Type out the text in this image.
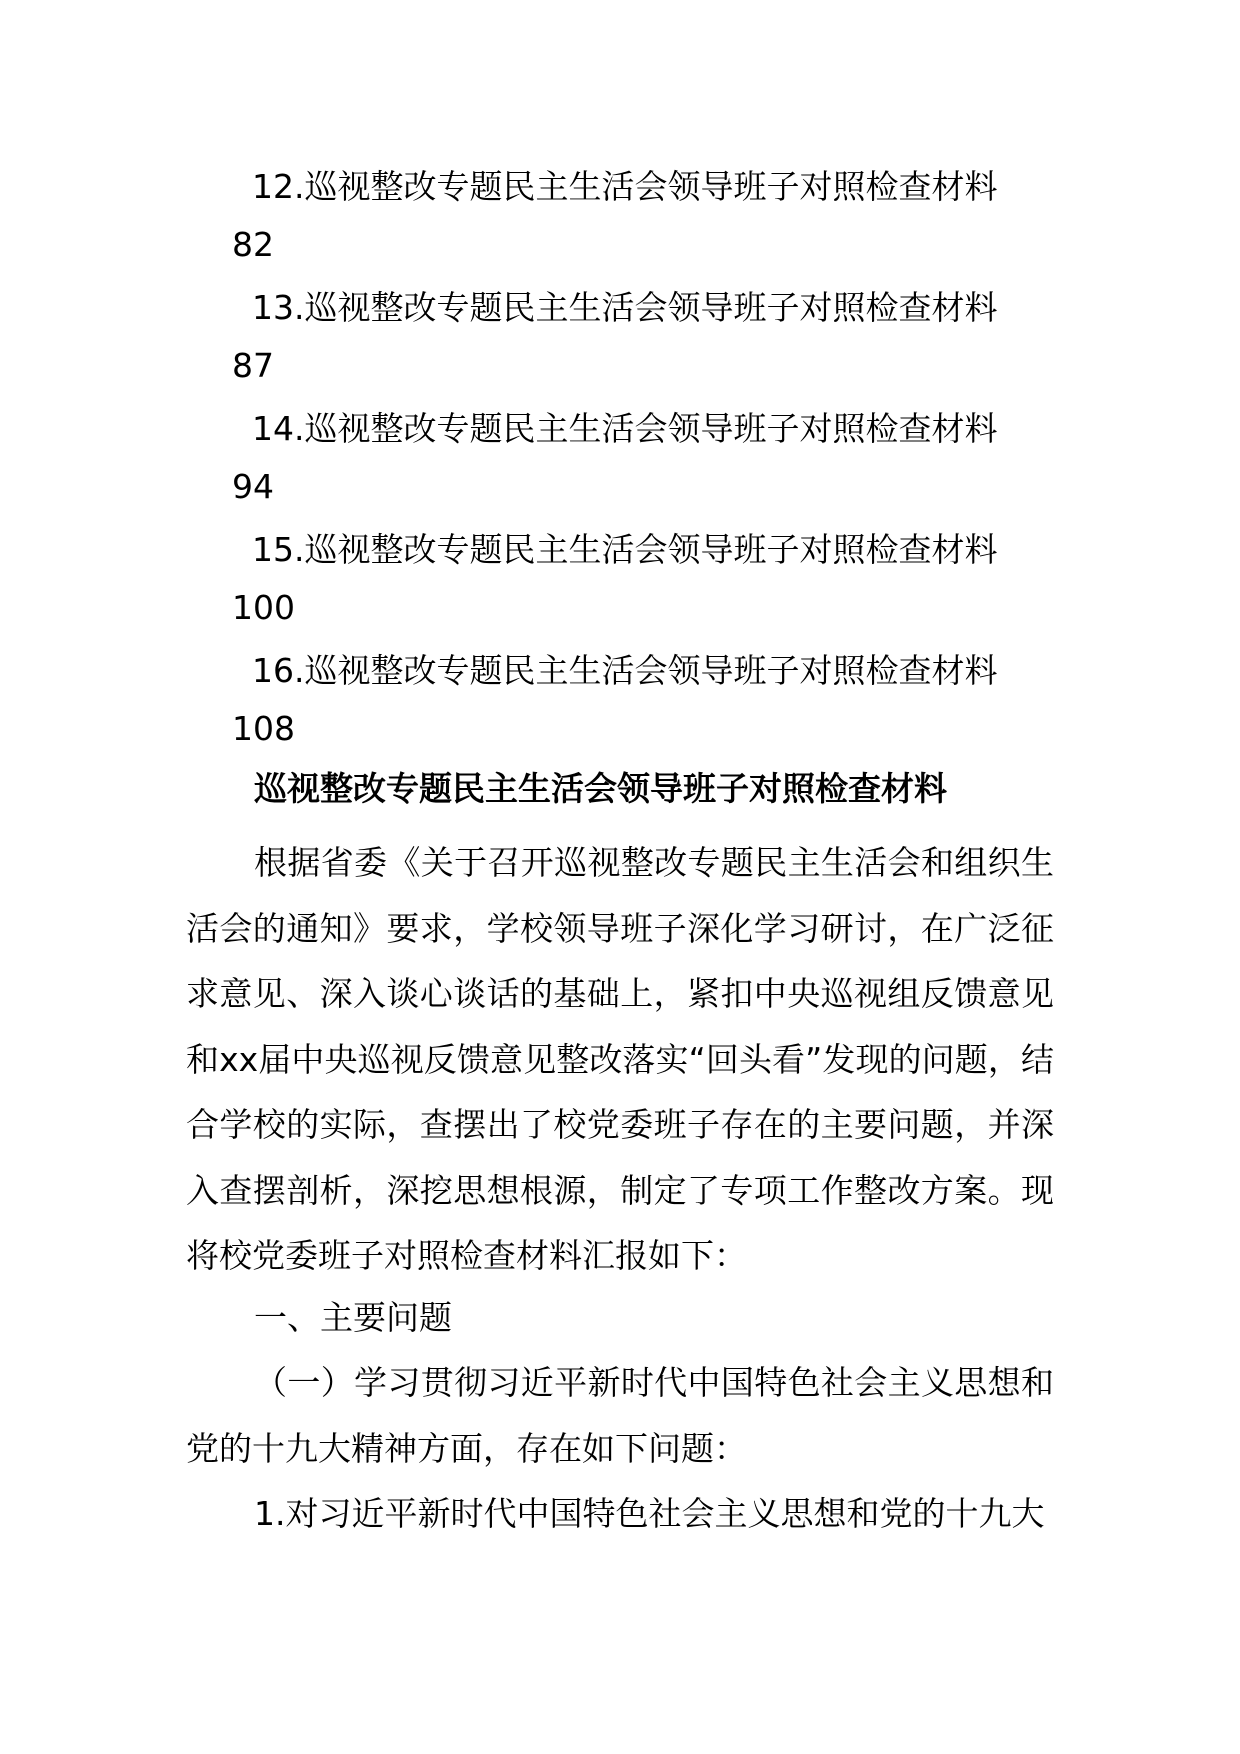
12.巡视整改专题民主生活会领导班子对照检查材料
82
13.巡视整改专题民主生活会领导班子对照检查材料
87
14.巡视整改专题民主生活会领导班子对照检查材料
94
15.巡视整改专题民主生活会领导班子对照检查材料
100
16.巡视整改专题民主生活会领导班子对照检查材料
108
巡视整改专题民主生活会领导班子对照检查材料

根据省委《关于召开巡视整改专题民主生活会和组织生活会的通知》要求，学校领导班子深化学习研讨，在广泛征求意见、深入谈心谈话的基础上，紧扣中央巡视组反馈意见和xx届中央巡视反馈意见整改落实“回头看”发现的问题，结合学校的实际，查摆出了校党委班子存在的主要问题，并深入查摆剖析，深挖思想根源，制定了专项工作整改方案。现将校党委班子对照检查材料汇报如下：

一、主要问题

（一）学习贯彻习近平新时代中国特色社会主义思想和党的十九大精神方面，存在如下问题：

1.对习近平新时代中国特色社会主义思想和党的十九大
